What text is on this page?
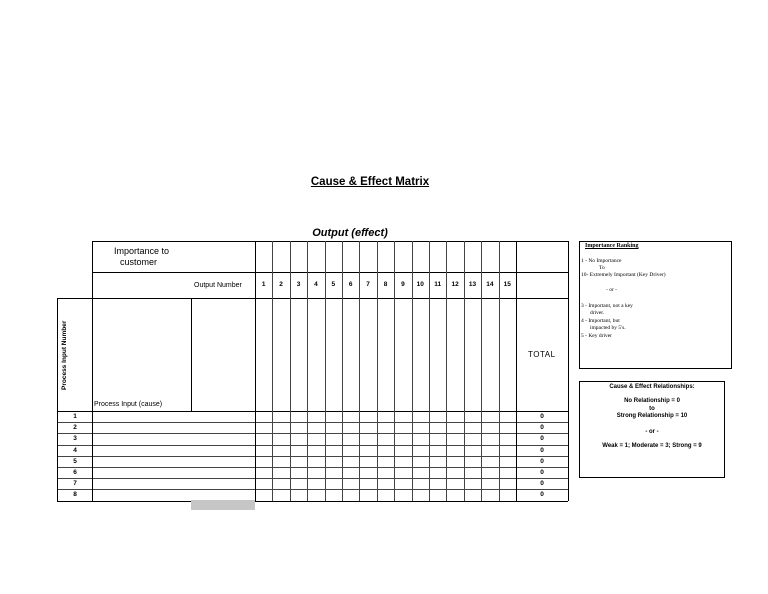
Cause & Effect Matrix
Output (effect)
Importance to
customer
Output Number
TOTAL
Process Input (cause)
Process Input Number
1	2	3	4	5	6	7	8	9	10	11	12	13	14	15
1	0
2	0
3	0
4	0
5	0
6	0
7	0
8	0
Importance Ranking
1 - No Importance
To
10- Extremely Important (Key Driver)
- or -
3 - Important, not a key
driver.
4 - Important, but
impacted by 5's.
5 - Key driver
Cause & Effect Relationships:
No Relationship = 0
to
Strong Relationship = 10
- or -
Weak = 1; Moderate = 3; Strong = 9
